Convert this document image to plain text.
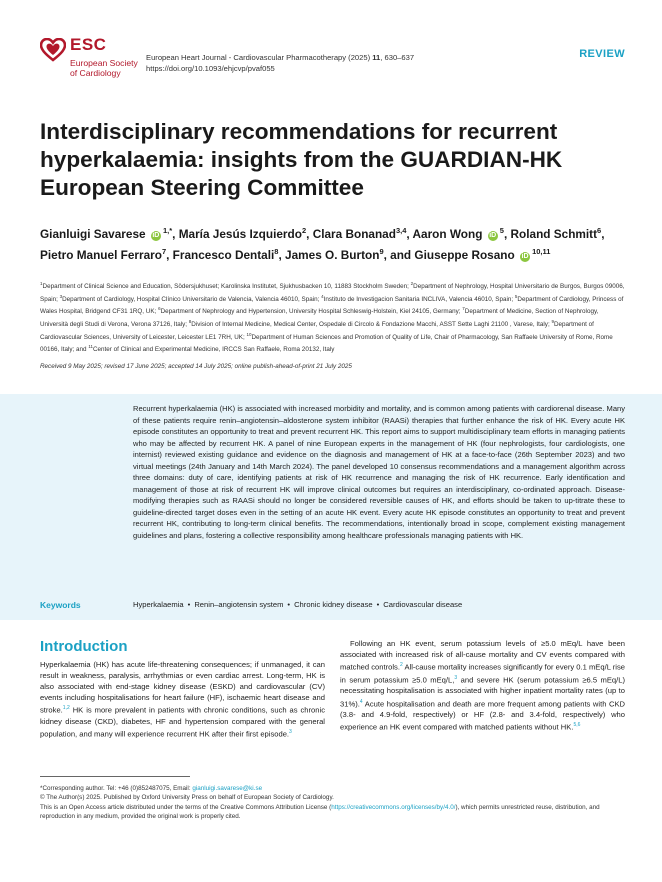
ESC
European Society
of Cardiology
European Heart Journal - Cardiovascular Pharmacotherapy (2025) 11, 630–637
https://doi.org/10.1093/ehjcvp/pvaf055
REVIEW
Interdisciplinary recommendations for recurrent hyperkalaemia: insights from the GUARDIAN-HK European Steering Committee
Gianluigi Savarese iD $^{1,*}$, María Jesús Izquierdo$^2$, Clara Bonanad$^{3,4}$, Aaron Wong iD $^5$, Roland Schmitt$^6$, Pietro Manuel Ferraro$^7$, Francesco Dentali$^8$, James O. Burton$^9$, and Giuseppe Rosano iD $^{10,11}$
$^1$Department of Clinical Science and Education, Södersjukhuset; Karolinska Institutet, Sjukhusbacken 10, 11883 Stockholm Sweden; $^2$Department of Nephrology, Hospital Universitario de Burgos, Burgos 09006, Spain; $^3$Department of Cardiology, Hospital Clínico Universitario de Valencia, Valencia 46010, Spain; $^4$Instituto de Investigacion Sanitaria INCLIVA, Valencia 46010, Spain; $^5$Department of Cardiology, Princess of Wales Hospital, Bridgend CF31 1RQ, UK; $^6$Department of Nephrology and Hypertension, University Hospital Schleswig-Holstein, Kiel 24105, Germany; $^7$Department of Medicine, Section of Nephrology, Università degli Studi di Verona, Verona 37126, Italy; $^8$Division of Internal Medicine, Medical Center, Ospedale di Circolo & Fondazione Macchi, ASST Sette Laghi 21100 , Varese, Italy; $^9$Department of Cardiovascular Sciences, University of Leicester, Leicester LE1 7RH, UK; $^{10}$Department of Human Sciences and Promotion of Quality of Life, Chair of Pharmacology, San Raffaele University of Rome, Rome 00166, Italy; and $^{11}$Center of Clinical and Experimental Medicine, IRCCS San Raffaele, Roma 20132, Italy
Received 9 May 2025; revised 17 June 2025; accepted 14 July 2025; online publish-ahead-of-print 21 July 2025
Recurrent hyperkalaemia (HK) is associated with increased morbidity and mortality, and is common among patients with cardiorenal disease. Many of these patients require renin–angiotensin–aldosterone system inhibitor (RAASi) therapies that further enhance the risk of HK. Every acute HK episode constitutes an opportunity to treat and prevent recurrent HK. This report aims to support multidisciplinary team efforts in managing patients who may be affected by recurrent HK. A panel of nine European experts in the management of HK (four nephrologists, four cardiologists, one internist) reviewed existing guidance and evidence on the diagnosis and management of HK at a face-to-face (26th September 2023) and two virtual meetings (24th January and 14th March 2024). The panel developed 10 consensus recommendations and a management algorithm across three domains: duty of care, identifying patients at risk of HK recurrence and managing the risk of HK recurrence. Early identification and management of those at risk of recurrent HK will improve clinical outcomes but requires an interdisciplinary, co-ordinated approach. Disease-modifying therapies such as RAASi should no longer be considered reversible causes of HK, and efforts should be taken to up-titrate these to guideline-directed target doses even in the setting of an acute HK event. Every acute HK episode constitutes an opportunity to treat and prevent recurrent HK, contributing to long-term clinical benefits. The recommendations, intentionally broad in scope, complement existing management guidelines and plans, fostering a collective responsibility among healthcare professionals managing patients with HK.
Keywords	Hyperkalaemia • Renin–angiotensin system • Chronic kidney disease • Cardiovascular disease
Introduction
Hyperkalaemia (HK) has acute life-threatening consequences; if unmanaged, it can result in weakness, paralysis, arrhythmias or even cardiac arrest. Long-term, HK is also associated with end-stage kidney disease (ESKD) and cardiovascular (CV) events including hospitalisations for heart failure (HF), ischaemic heart disease and stroke.$^{1,2}$ HK is more prevalent in patients with chronic conditions, such as chronic kidney disease (CKD), diabetes, HF and hypertension compared with the general population, and many will experience recurrent HK after their first episode.$^3$
Following an HK event, serum potassium levels of ≥5.0 mEq/L have been associated with increased risk of all-cause mortality and CV events compared with matched controls.$^2$ All-cause mortality increases significantly for every 0.1 mEq/L rise in serum potassium ≥5.0 mEq/L,$^3$ and severe HK (serum potassium ≥6.5 mEq/L) necessitating hospitalisation is associated with higher inpatient mortality rates (up to 31%).$^4$ Acute hospitalisation and death are more frequent among patients with CKD (3.8- and 4.9-fold, respectively) or HF (2.8- and 3.4-fold, respectively) who experience an HK event compared with matched patients without HK.$^{5,6}$
*Corresponding author. Tel: +46 (0)852487075, Email: gianluigi.savarese@ki.se
© The Author(s) 2025. Published by Oxford University Press on behalf of European Society of Cardiology.
This is an Open Access article distributed under the terms of the Creative Commons Attribution License (https://creativecommons.org/licenses/by/4.0/), which permits unrestricted reuse, distribution, and reproduction in any medium, provided the original work is properly cited.
